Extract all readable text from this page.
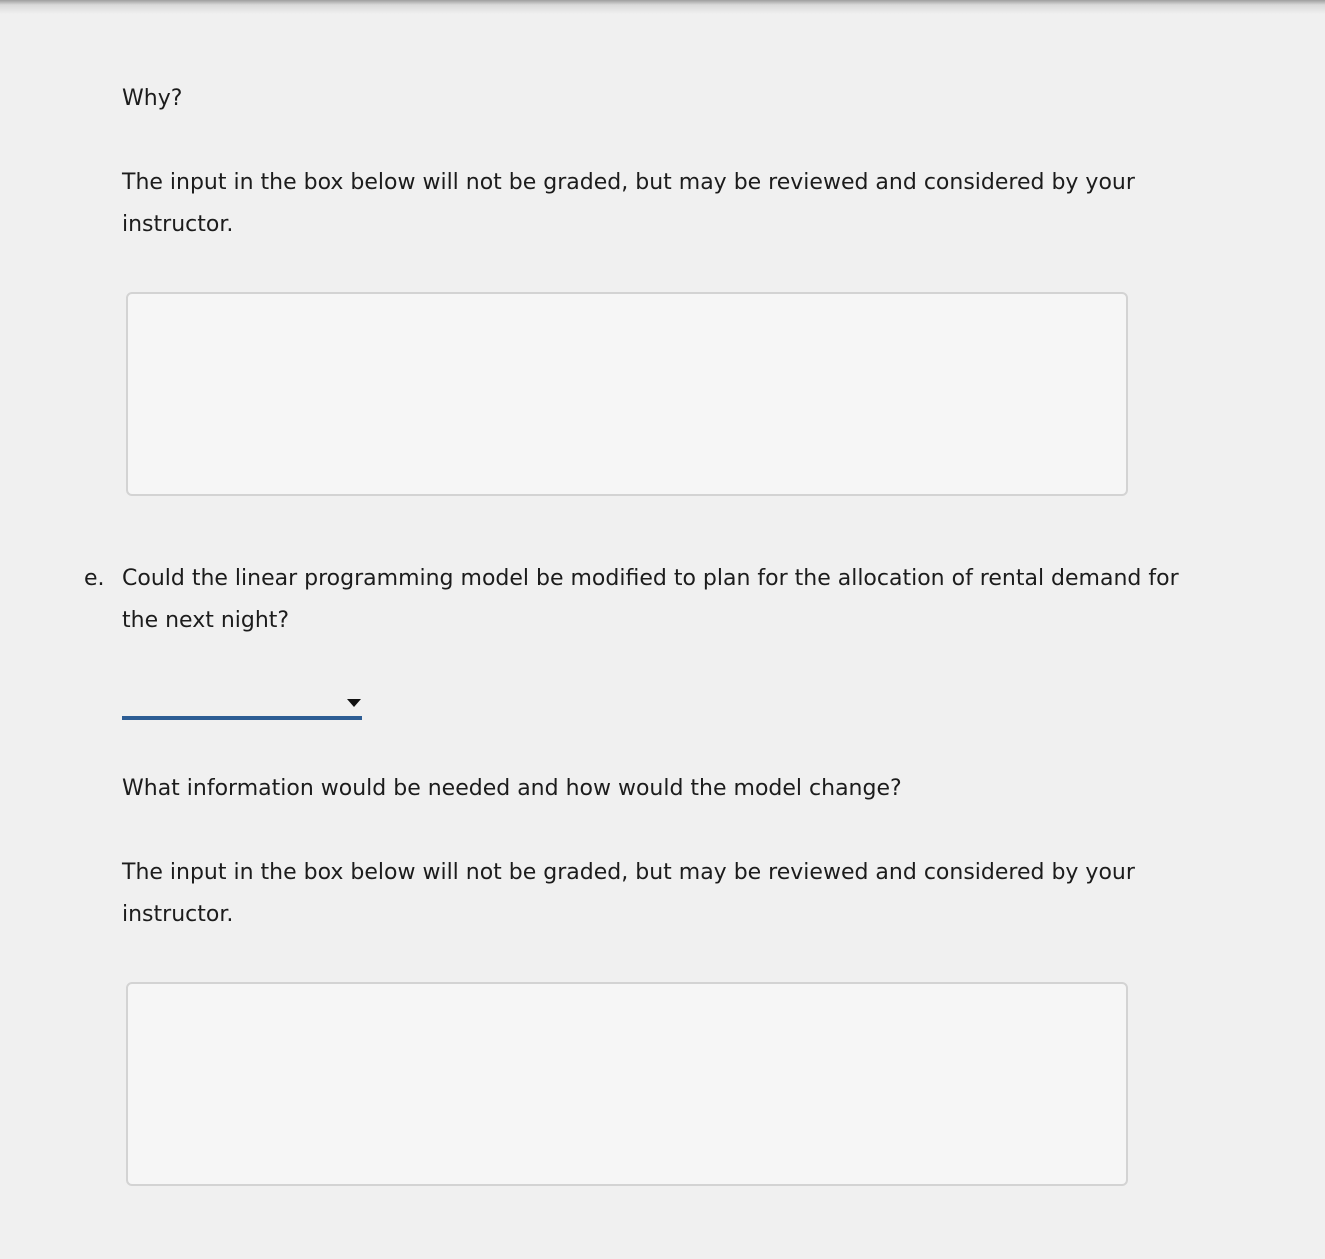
Why?

The input in the box below will not be graded, but may be reviewed and considered by your

instructor.

e. Could the linear programming model be modified to plan for the allocation of rental demand for

the next night?

What information would be needed and how would the model change?

The input in the box below will not be graded, but may be reviewed and considered by your

instructor.
